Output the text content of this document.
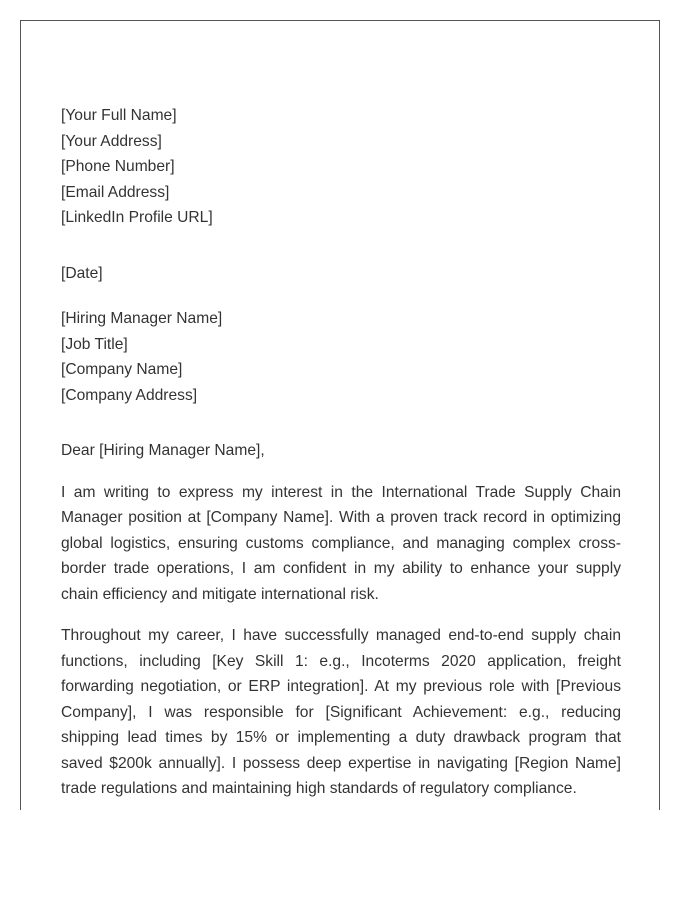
[Your Full Name]
[Your Address]
[Phone Number]
[Email Address]
[LinkedIn Profile URL]
[Date]
[Hiring Manager Name]
[Job Title]
[Company Name]
[Company Address]
Dear [Hiring Manager Name],

I am writing to express my interest in the International Trade Supply Chain Manager position at [Company Name]. With a proven track record in optimizing global logistics, ensuring customs compliance, and managing complex cross-border trade operations, I am confident in my ability to enhance your supply chain efficiency and mitigate international risk.

Throughout my career, I have successfully managed end-to-end supply chain functions, including [Key Skill 1: e.g., Incoterms 2020 application, freight forwarding negotiation, or ERP integration]. At my previous role with [Previous Company], I was responsible for [Significant Achievement: e.g., reducing shipping lead times by 15% or implementing a duty drawback program that saved $200k annually]. I possess deep expertise in navigating [Region Name] trade regulations and maintaining high standards of regulatory compliance.
